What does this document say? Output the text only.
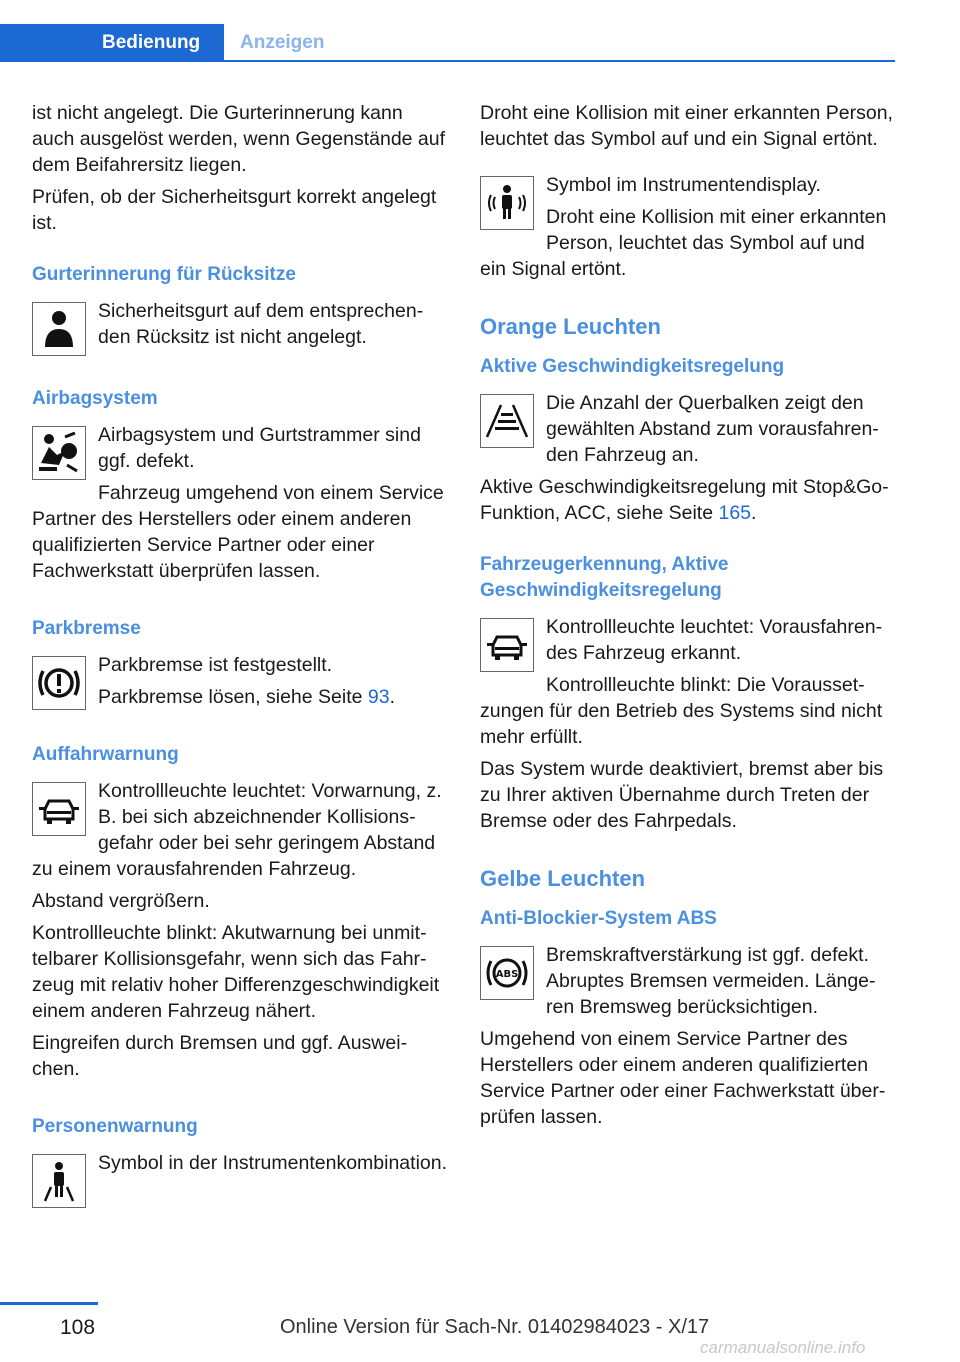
Bedienung Anzeigen

ist nicht angelegt. Die Gurterinnerung kann auch ausgelöst werden, wenn Gegenstände auf dem Beifahrersitz liegen.

Prüfen, ob der Sicherheitsgurt korrekt angelegt ist.

Gurterinnerung für Rücksitze

Sicherheitsgurt auf dem entsprechenden Rücksitz ist nicht angelegt.

Airbagsystem

Airbagsystem und Gurtstrammer sind ggf. defekt.

Fahrzeug umgehend von einem Service Partner des Herstellers oder einem anderen qualifizierten Service Partner oder einer Fachwerkstatt überprüfen lassen.

Parkbremse

Parkbremse ist festgestellt.

Parkbremse lösen, siehe Seite 93.

Auffahrwarnung

Kontrollleuchte leuchtet: Vorwarnung, z. B. bei sich abzeichnender Kollisionsgefahr oder bei sehr geringem Abstand zu einem vorausfahrenden Fahrzeug.

Abstand vergrößern.

Kontrollleuchte blinkt: Akutwarnung bei unmittelbarer Kollisionsgefahr, wenn sich das Fahrzeug mit relativ hoher Differenzgeschwindigkeit einem anderen Fahrzeug nähert.

Eingreifen durch Bremsen und ggf. Ausweichen.

Personenwarnung

Symbol in der Instrumentenkombination.

Droht eine Kollision mit einer erkannten Person, leuchtet das Symbol auf und ein Signal ertönt.

Symbol im Instrumentendisplay.

Droht eine Kollision mit einer erkannten Person, leuchtet das Symbol auf und ein Signal ertönt.

Orange Leuchten
Aktive Geschwindigkeitsregelung

Die Anzahl der Querbalken zeigt den gewählten Abstand zum vorausfahrenden Fahrzeug an.

Aktive Geschwindigkeitsregelung mit Stop&Go-Funktion, ACC, siehe Seite 165.

Fahrzeugerkennung, Aktive Geschwindigkeitsregelung

Kontrollleuchte leuchtet: Vorausfahrendes Fahrzeug erkannt.

Kontrollleuchte blinkt: Die Voraussetzungen für den Betrieb des Systems sind nicht mehr erfüllt.

Das System wurde deaktiviert, bremst aber bis zu Ihrer aktiven Übernahme durch Treten der Bremse oder des Fahrpedals.

Gelbe Leuchten
Anti-Blockier-System ABS
ABS

Bremskraftverstärkung ist ggf. defekt. Abruptes Bremsen vermeiden. Längeren Bremsweg berücksichtigen.

Umgehend von einem Service Partner des Herstellers oder einem anderen qualifizierten Service Partner oder einer Fachwerkstatt überprüfen lassen.

108	Online Version für Sach-Nr. 01402984023 - X/17
carmanualsonline.info
